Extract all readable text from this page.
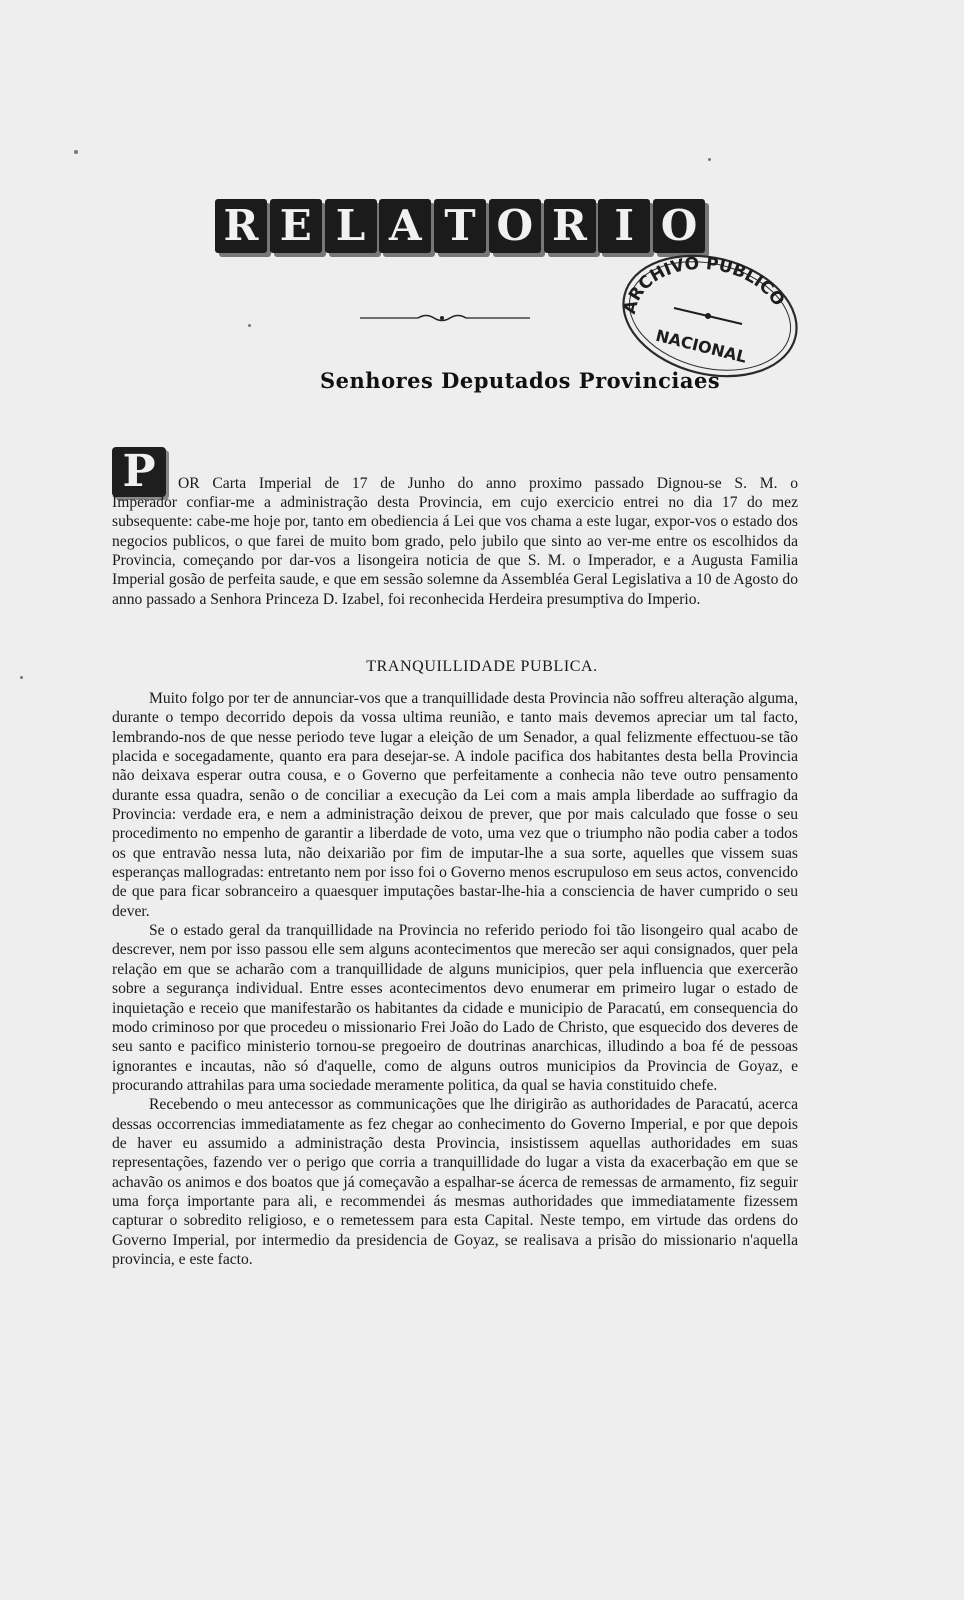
R E L A T O R I O
Senhores Deputados Provinciaes
ARCHIVO PUBLICO
NACIONAL
P	OR Carta Imperial de 17 de Junho do anno proximo passado Dignou-se S. M. o

Imperador confiar-me a administração desta Provincia, em cujo exercicio entrei no dia 17 do mez subsequente: cabe-me hoje por, tanto em obediencia á Lei que vos chama a este lugar, expor-vos o estado dos negocios publicos, o que farei de muito bom grado, pelo jubilo que sinto ao ver-me entre os escolhidos da Provincia, começando por dar-vos a lisongeira noticia de que S. M. o Imperador, e a Augusta Familia Imperial gosão de perfeita saude, e que em sessão solemne da Assembléa Geral Legislativa a 10 de Agosto do anno passado a Senhora Princeza D. Izabel, foi reconhecida Herdeira presumptiva do Imperio.

TRANQUILLIDADE PUBLICA.

Muito folgo por ter de annunciar-vos que a tranquillidade desta Provincia não soffreu alteração alguma, durante o tempo decorrido depois da vossa ultima reunião, e tanto mais devemos apreciar um tal facto, lembrando-nos de que nesse periodo teve lugar a eleição de um Senador, a qual felizmente effectuou-se tão placida e socegadamente, quanto era para desejar-se. A indole pacifica dos habitantes desta bella Provincia não deixava esperar outra cousa, e o Governo que perfeitamente a conhecia não teve outro pensamento durante essa quadra, senão o de conciliar a execução da Lei com a mais ampla liberdade ao suffragio da Provincia: verdade era, e nem a administração deixou de prever, que por mais calculado que fosse o seu procedimento no empenho de garantir a liberdade de voto, uma vez que o triumpho não podia caber a todos os que entravão nessa luta, não deixarião por fim de imputar-lhe a sua sorte, aquelles que vissem suas esperanças mallogradas: entretanto nem por isso foi o Governo menos escrupuloso em seus actos, convencido de que para ficar sobranceiro a quaesquer imputações bastar-lhe-hia a consciencia de haver cumprido o seu dever.

Se o estado geral da tranquillidade na Provincia no referido periodo foi tão lisongeiro qual acabo de descrever, nem por isso passou elle sem alguns acontecimentos que merecão ser aqui consignados, quer pela relação em que se acharão com a tranquillidade de alguns municipios, quer pela influencia que exercerão sobre a segurança individual. Entre esses acontecimentos devo enumerar em primeiro lugar o estado de inquietação e receio que manifestarão os habitantes da cidade e municipio de Paracatú, em consequencia do modo criminoso por que procedeu o missionario Frei João do Lado de Christo, que esquecido dos deveres de seu santo e pacifico ministerio tornou-se pregoeiro de doutrinas anarchicas, illudindo a boa fé de pessoas ignorantes e incautas, não só d'aquelle, como de alguns outros municipios da Provincia de Goyaz, e procurando attrahilas para uma sociedade meramente politica, da qual se havia constituido chefe.

Recebendo o meu antecessor as communicações que lhe dirigirão as authoridades de Paracatú, acerca dessas occorrencias immediatamente as fez chegar ao conhecimento do Governo Imperial, e por que depois de haver eu assumido a administração desta Provincia, insistissem aquellas authoridades em suas representações, fazendo ver o perigo que corria a tranquillidade do lugar a vista da exacerbação em que se achavão os animos e dos boatos que já começavão a espalhar-se ácerca de remessas de armamento, fiz seguir uma força importante para ali, e recommendei ás mesmas authoridades que immediatamente fizessem capturar o sobredito religioso, e o remetessem para esta Capital. Neste tempo, em virtude das ordens do Governo Imperial, por intermedio da presidencia de Goyaz, se realisava a prisão do missionario n'aquella provincia, e este facto.
